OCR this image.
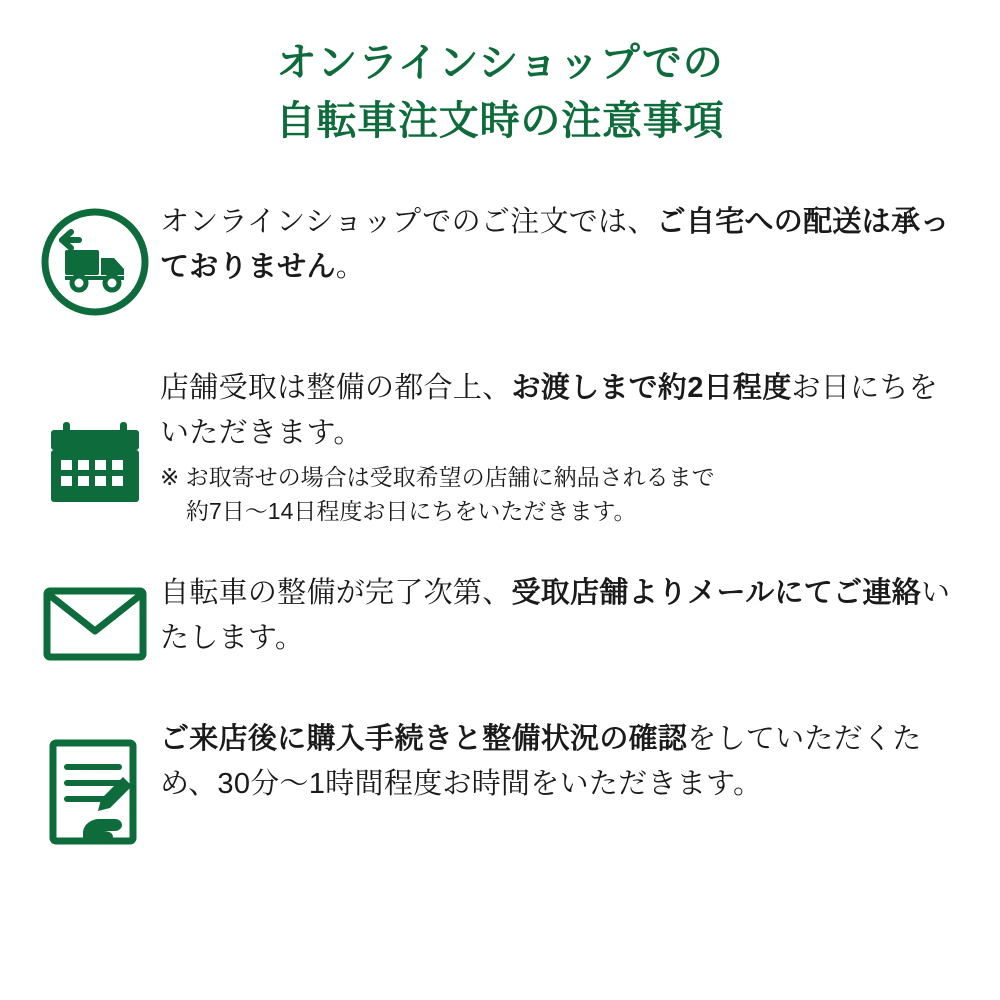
オンラインショップでの
自転車注文時の注意事項
オンラインショップでのご注文では、ご自宅への配送は承っておりません。
店舗受取は整備の都合上、お渡しまで約2日程度お日にちをいただきます。
※ お取寄せの場合は受取希望の店舗に納品されるまで
約7日〜14日程度お日にちをいただきます。
自転車の整備が完了次第、受取店舗よりメールにてご連絡いたします。
ご来店後に購入手続きと整備状況の確認をしていただくため、30分〜1時間程度お時間をいただきます。
